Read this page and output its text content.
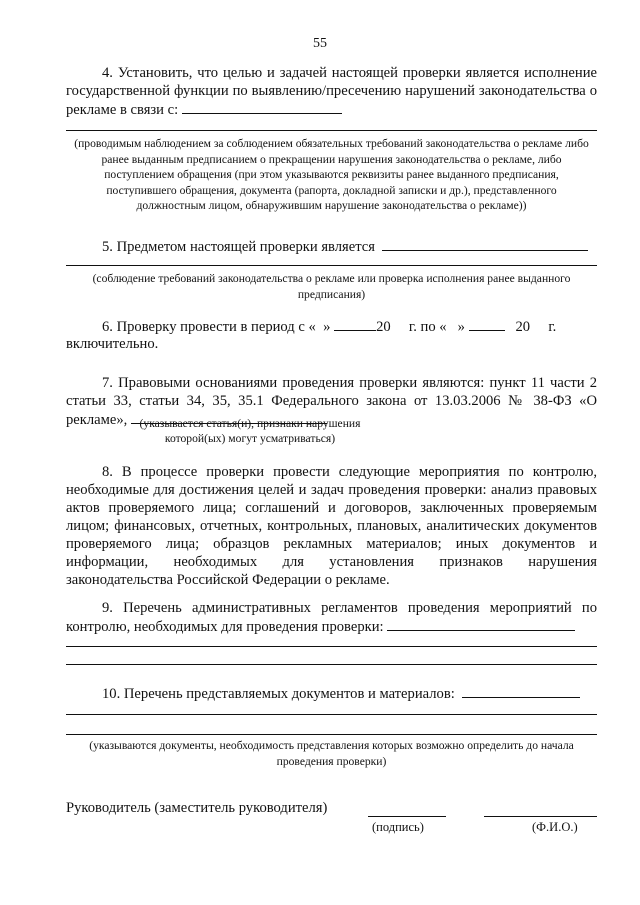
55
4. Установить, что целью и задачей настоящей проверки является исполнение государственной функции по выявлению/пресечению нарушений законодательства о рекламе в связи с:
(проводимым наблюдением за соблюдением обязательных требований законодательства о рекламе либо ранее выданным предписанием о прекращении нарушения законодательства о рекламе, либо поступлением обращения (при этом указываются реквизиты ранее выданного предписания, поступившего обращения, документа (рапорта, докладной записки и др.), представленного должностным лицом, обнаружившим нарушение законодательства о рекламе))
5. Предметом настоящей проверки является
(соблюдение требований законодательства о рекламе или проверка исполнения ранее выданного предписания)
6. Проверку провести в период с « »	20 г. по « »	20 г.
включительно.
7. Правовыми основаниями проведения проверки являются: пункт 11 части 2 статьи 33, статьи 34, 35, 35.1 Федерального закона от 13.03.2006 № 38-ФЗ «О рекламе»,	(указывается статья(и), признаки нарушения
которой(ых) могут усматриваться)
8. В процессе проверки провести следующие мероприятия по контролю, необходимые для достижения целей и задач проведения проверки: анализ правовых актов проверяемого лица; соглашений и договоров, заключенных проверяемым лицом; финансовых, отчетных, контрольных, плановых, аналитических документов проверяемого лица; образцов рекламных материалов; иных документов и информации, необходимых для установления признаков нарушения законодательства Российской Федерации о рекламе.
9. Перечень административных регламентов проведения мероприятий по контролю, необходимых для проведения проверки:
10. Перечень представляемых документов и материалов:
(указываются документы, необходимость представления которых возможно определить до начала проведения проверки)
Руководитель (заместитель руководителя)
(подпись)	(Ф.И.О.)
